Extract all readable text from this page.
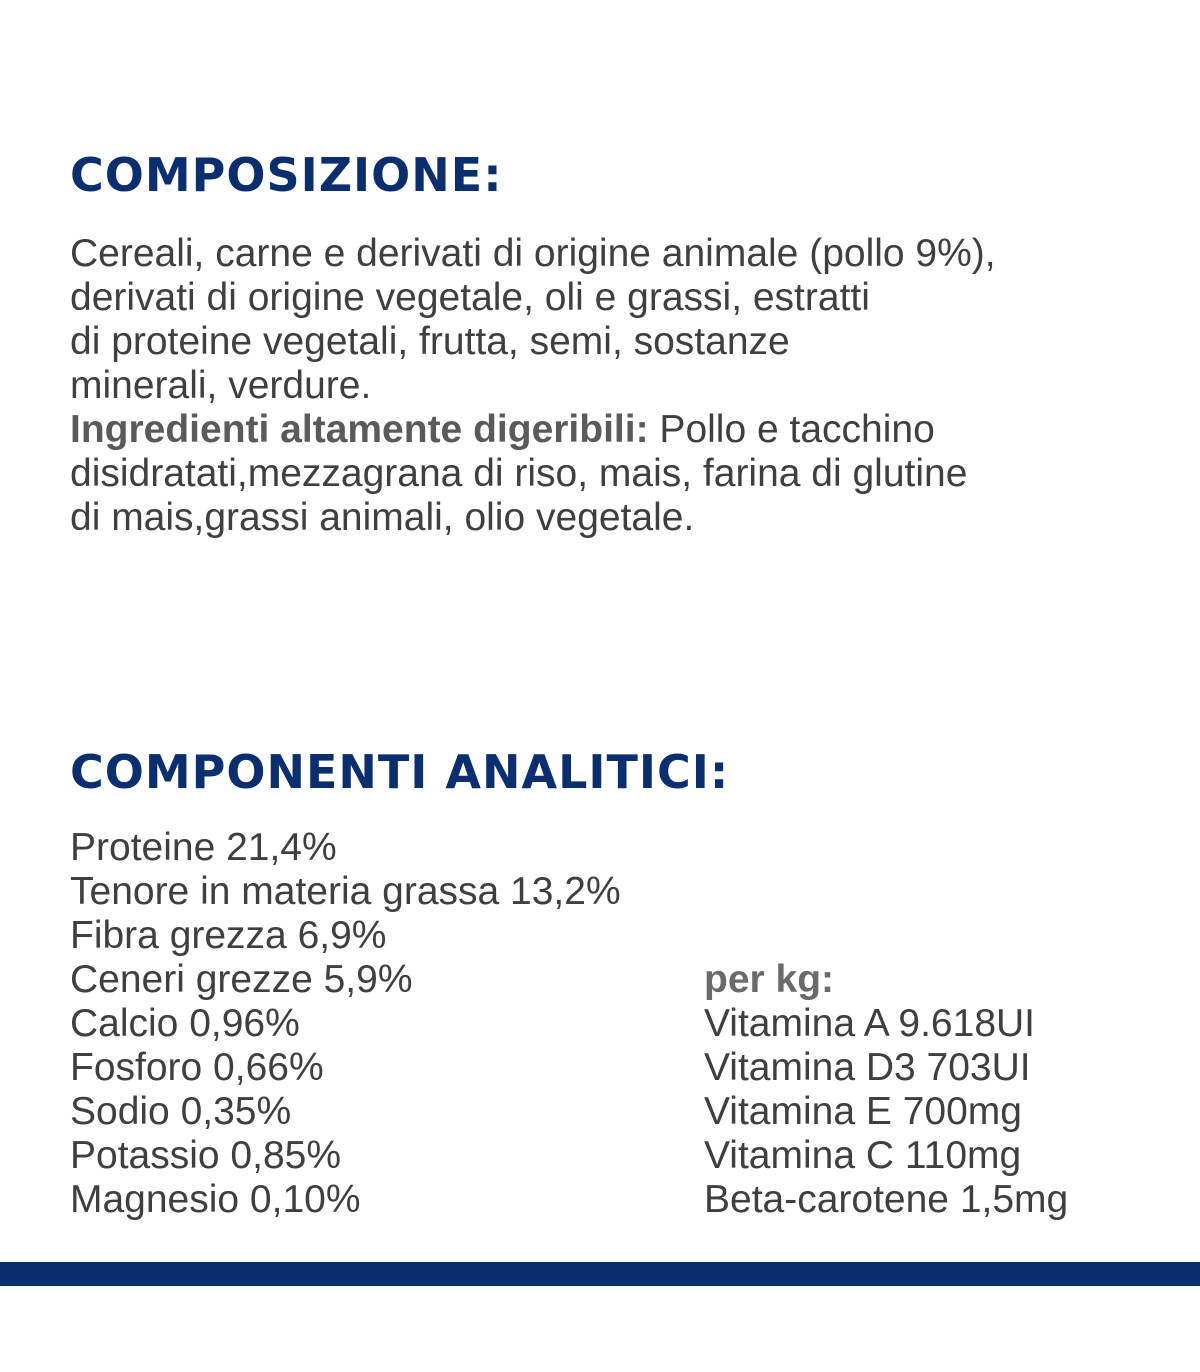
COMPOSIZIONE:
Cereali, carne e derivati di origine animale (pollo 9%),
derivati di origine vegetale, oli e grassi, estratti
di proteine vegetali, frutta, semi, sostanze
minerali, verdure.
Ingredienti altamente digeribili: Pollo e tacchino
disidratati,mezzagrana di riso, mais, farina di glutine
di mais,grassi animali, olio vegetale.
COMPONENTI ANALITICI:
Proteine 21,4%
Tenore in materia grassa 13,2%
Fibra grezza 6,9%
Ceneri grezze 5,9%
Calcio 0,96%
Fosforo 0,66%
Sodio 0,35%
Potassio 0,85%
Magnesio 0,10%
per kg:
Vitamina A 9.618UI
Vitamina D3 703UI
Vitamina E 700mg
Vitamina C 110mg
Beta-carotene 1,5mg
